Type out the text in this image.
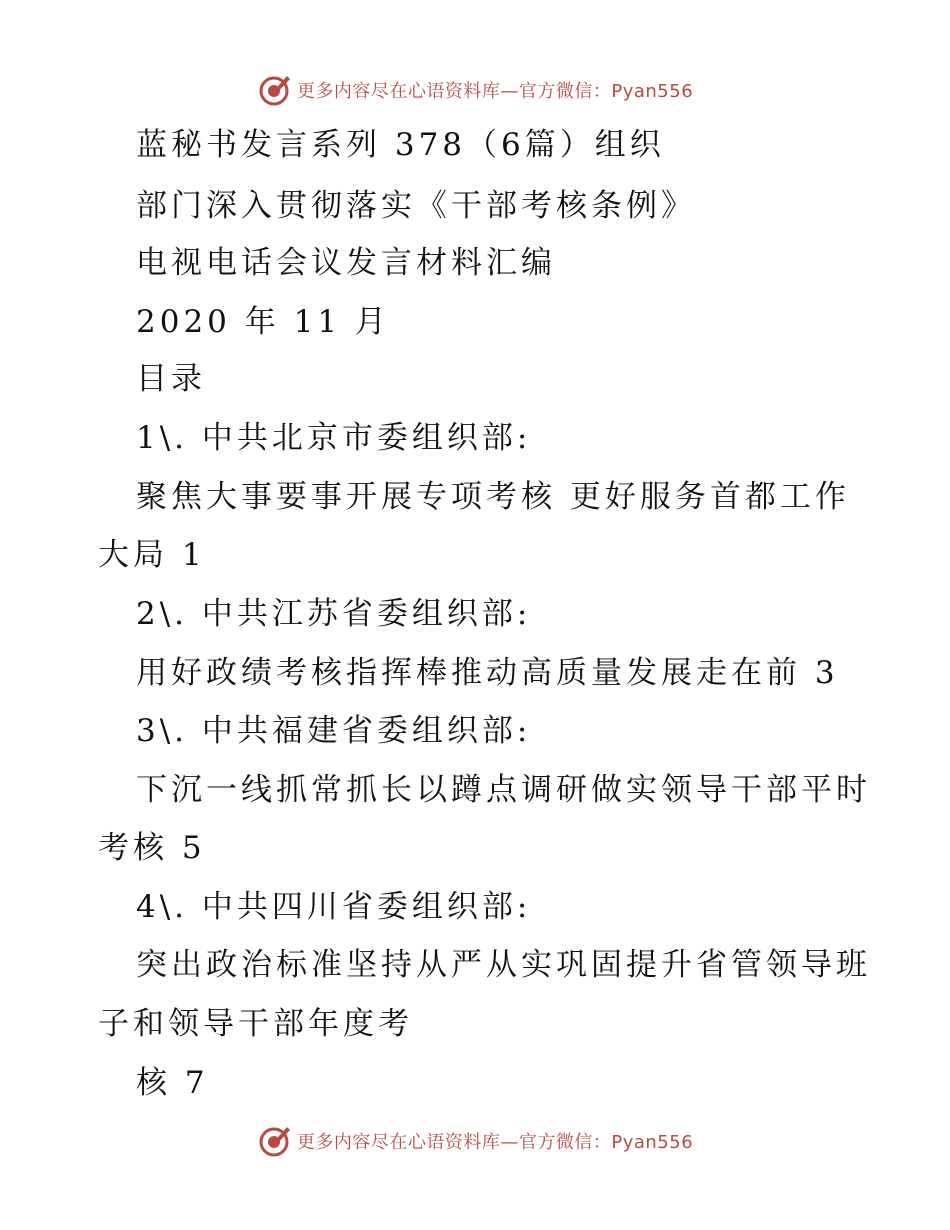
更多内容尽在心语资料库—官方微信：Pyan556
蓝秘书发言系列 378（6篇）组织
部门深入贯彻落实《干部考核条例》
电视电话会议发言材料汇编
2020 年 11 月
目录
1\. 中共北京市委组织部:
聚焦大事要事开展专项考核 更好服务首都工作
大局 1
2\. 中共江苏省委组织部:
用好政绩考核指挥棒推动高质量发展走在前 3
3\. 中共福建省委组织部:
下沉一线抓常抓长以蹲点调研做实领导干部平时
考核 5
4\. 中共四川省委组织部:
突出政治标准坚持从严从实巩固提升省管领导班
子和领导干部年度考
核 7
更多内容尽在心语资料库—官方微信：Pyan556
